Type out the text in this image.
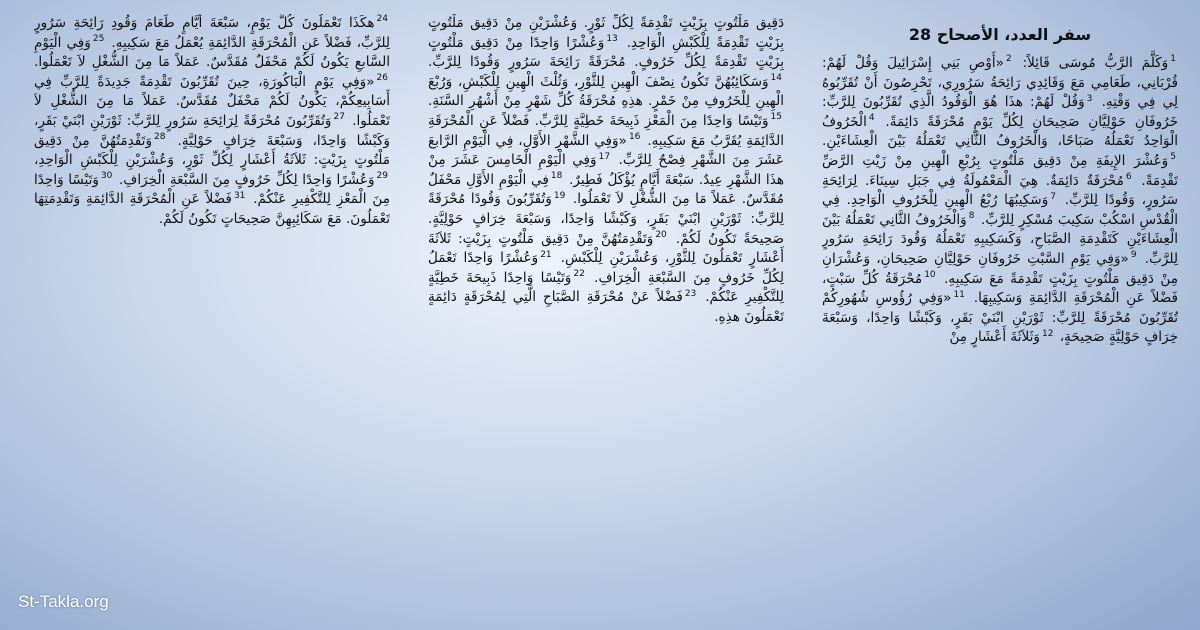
سفر العدد، الأصحاح 28
$^1$وَكَلَّمَ الرَّبُّ مُوسَى قَائِلاً: $^2$«أَوْصِ بَنِي إِسْرَائِيلَ وَقُلْ لَهُمْ: قُرْبَانِي، طَعَامِي مَعَ وَقَائِدِي رَائِحَةُ سَرُورِي، تَحْرِصُونَ أَنْ تُقَرِّبُوهُ لِي فِي وَقْتِهِ. $^3$وَقُلْ لَهُمْ: هذَا هُوَ الْوَقُودُ الَّذِي تُقَرِّبُونَ لِلرَّبِّ: خَرُوفَانِ حَوْلِيَّانِ صَحِيحَانِ لِكُلِّ يَوْمٍ مُحْرَقَةً دَائِمَةً. $^4$الْخَرُوفُ الْوَاحِدُ تَعْمَلُهُ صَبَاحًا، وَالْخَرُوفُ الثَّانِي تَعْمَلُهُ بَيْنَ الْعِشَاءَيْنِ. $^5$وَعُشْرَ الإِيفَةِ مِنْ دَقِيق مَلْتُوتٍ بِرُبْعِ الْهِينِ مِنْ زَيْتِ الرَّضِّ تَقْدِمَةً. $^6$مُحْرَقَةٌ دَائِمَةٌ. هِيَ الْمَعْمُولَةُ فِي جَبَلِ سِينَاءَ. لِرَائِحَةِ سَرُورٍ، وَقُودًا لِلرَّبِّ. $^7$وَسَكِيبُهَا رُبْعُ الْهِينِ لِلْخَرُوفِ الْوَاحِدِ. فِي الْقُدْسِ اسْكُبْ سَكِيبَ مُسْكِرٍ لِلرَّبِّ. $^8$وَالْخَرُوفُ الثَّانِي تَعْمَلُهُ بَيْنَ الْعِشَاءَيْنِ كَتَقْدِمَةِ الصَّبَاحِ، وَكَسَكِيبِهِ تَعْمَلُهُ وَقُودَ رَائِحَةِ سَرُورٍ لِلرَّبِّ. $^9$«وَفِي يَوْمِ السَّبْتِ خَرُوفَانِ حَوْلِيَّانِ صَحِيحَانِ، وَعُشْرَانِ مِنْ دَقِيق مَلْتُوتٍ بِزَيْتٍ تَقْدِمَةً مَعَ سَكِيبِهِ. $^{10}$مُحْرَقَةُ كُلِّ سَبْتٍ، فَضْلاً عَنِ الْمُحْرَقَةِ الدَّائِمَةِ وَسَكِيبِهَا. $^{11}$«وَفِي رُؤُوسِ شُهُورِكُمْ تُقَرِّبُونَ مُحْرَقَةً لِلرَّبِّ: ثَوْرَيْنِ ابْنَيْ بَقَرٍ، وَكَبْشًا وَاحِدًا، وَسَبْعَةَ خِرَافٍ حَوْلِيَّةٍ صَحِيحَةٍ، $^{12}$وَثَلاَثَةَ أَعْشَارٍ مِنْ
دَقِيق مَلْتُوتٍ بِزَيْتٍ تَقْدِمَةً لِكُلِّ ثَوْرٍ. وَعُشْرَيْنِ مِنْ دَقِيق مَلْتُوتٍ بِزَيْتٍ تَقْدِمَةً لِلْكَبْشِ الْوَاحِدِ. $^{13}$وَعُشْرًا وَاحِدًا مِنْ دَقِيق مَلْتُوتٍ بِزَيْتٍ تَقْدِمَةً لِكُلِّ خَرُوفٍ. مُحْرَقَةً رَائِحَةَ سَرُورٍ وَقُودًا لِلرَّبِّ. $^{14}$وَسَكَائِبُهُنَّ تَكُونُ نِصْفَ الْهِينِ لِلثَّوْرِ، وَثُلْثَ الْهِينِ لِلْكَبْشِ، وَرُبْعَ الْهِينِ لِلْخَرُوفِ مِنْ خَمْرٍ. هذِهِ مُحْرَقَةُ كُلِّ شَهْرٍ مِنْ أَشْهُرِ السَّنَةِ. $^{15}$وَتَيْسًا وَاحِدًا مِنَ الْمَعْزِ ذَبِيحَةَ خَطِيَّةٍ لِلرَّبِّ. فَضْلاً عَنِ الْمُحْرَقَةِ الدَّائِمَةِ يُقَرَّبُ مَعَ سَكِيبِهِ. $^{16}$«وَفِي الشَّهْرِ الأَوَّلِ، فِي الْيَوْمِ الرَّابعَ عَشَرَ مِنَ الشَّهْرِ فِصْحٌ لِلرَّبِّ. $^{17}$وَفِي الْيَوْمِ الْخَامِسَ عَشَرَ مِنْ هذَا الشَّهْرِ عِيدٌ. سَبْعَةَ أَيَّامٍ يُؤْكَلُ فَطِيرٌ. $^{18}$فِي الْيَوْمِ الأَوَّلِ مَحْفَلٌ مُقَدَّسٌ. عَمَلاً مَا مِنَ الشُّغْلِ لاَ تَعْمَلُوا. $^{19}$وَتُقَرِّبُونَ وَقُودًا مُحْرَقَةً لِلرَّبِّ: ثَوْرَيْنِ ابْنَيْ بَقَرٍ، وَكَبْشًا وَاحِدًا، وَسَبْعَةَ خِرَافٍ حَوْلِيَّةٍ. صَحِيحَةً تَكُونُ لَكُمْ. $^{20}$وَتَقْدِمَتُهُنَّ مِنْ دَقِيق مَلْتُوتٍ بِزَيْتٍ: ثَلاَثَةَ أَعْشَارٍ تَعْمَلُونَ لِلثَّوْرِ، وَعُشْرَيْنِ لِلْكَبْشِ. $^{21}$وَعُشْرًا وَاحِدًا تَعْمَلُ لِكُلِّ خَرُوفٍ مِنَ السَّبْعَةِ الْخِرَافِ. $^{22}$وَتَيْسًا وَاحِدًا ذَبِيحَةَ خَطِيَّةٍ لِلتَّكْفِيرِ عَنْكُمْ. $^{23}$فَضْلاً عَنْ مُحْرَقَةِ الصَّبَاحِ الَّتِي لِمُحْرَقَةٍ دَائِمَةٍ تَعْمَلُونَ هذِهِ.
$^{24}$هكَذَا تَعْمَلُونَ كُلَّ يَوْمٍ، سَبْعَةَ أَيَّامٍ طَعَامَ وَقُودِ رَائِحَةِ سَرُورٍ لِلرَّبِّ، فَضْلاً عَنِ الْمُحْرَقَةِ الدَّائِمَةِ يُعْمَلُ مَعَ سَكِيبِهِ. $^{25}$وَفِي الْيَوْمِ السَّابعِ يَكُونُ لَكُمْ مَحْفَلٌ مُقَدَّسٌ. عَمَلاً مَا مِنَ الشُّغْلِ لاَ تَعْمَلُوا. $^{26}$«وَفِي يَوْمِ الْبَاكُورَةِ، حِينَ تُقَرِّبُونَ تَقْدِمَةً جَدِيدَةً لِلرَّبِّ فِي أَسَابِيعِكُمْ، يَكُونُ لَكُمْ مَحْفَلٌ مُقَدَّسٌ. عَمَلاً مَا مِنَ الشُّغْلِ لاَ تَعْمَلُوا. $^{27}$وَتُقَرِّبُونَ مُحْرَقَةً لِرَائِحَةِ سَرُورٍ لِلرَّبِّ: ثَوْرَيْنِ ابْنَيْ بَقَرٍ، وَكَبْشًا وَاحِدًا، وَسَبْعَةَ خِرَافٍ حَوْلِيَّةٍ. $^{28}$وَتَقْدِمَتُهُنَّ مِنْ دَقِيق مَلْتُوتٍ بِزَيْتٍ: ثَلاَثَةُ أَعْشَارٍ لِكُلِّ ثَوْرٍ، وَعُشْرَيْنِ لِلْكَبْشِ الْوَاحِدِ، $^{29}$وَعُشْرًا وَاحِدًا لِكُلِّ خَرُوفٍ مِنَ السَّبْعَةِ الْخِرَافِ. $^{30}$وَتَيْسًا وَاحِدًا مِنَ الْمَعْزِ لِلتَّكْفِيرِ عَنْكُمْ. $^{31}$فَضْلاً عَنِ الْمُحْرَقَةِ الدَّائِمَةِ وَتَقْدِمَتِهَا تَعْمَلُونَ. مَعَ سَكَائِبِهِنَّ صَحِيحَاتٍ تَكُونُ لَكُمْ.
St-Takla.org
